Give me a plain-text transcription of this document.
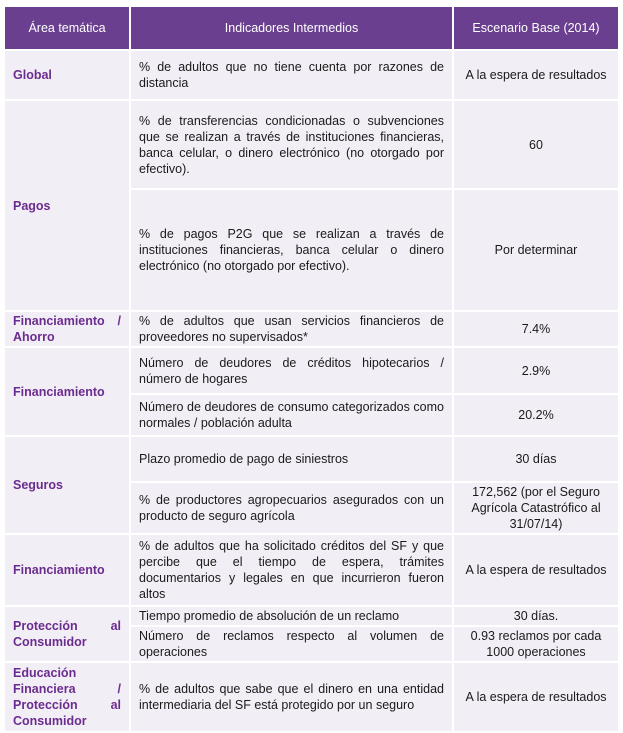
Área temática	Indicadores Intermedios	Escenario Base (2014)
Global	% de adultos que no tiene cuenta por razones de distancia	A la espera de resultados
Pagos	% de transferencias condicionadas o subvenciones que se realizan a través de instituciones financieras, banca celular, o dinero electrónico (no otorgado por efectivo).	60
	% de pagos P2G que se realizan a través de instituciones financieras, banca celular o dinero electrónico (no otorgado por efectivo).	Por determinar
Financiamiento / Ahorro	% de adultos que usan servicios financieros de proveedores no supervisados*	7.4%
Financiamiento	Número de deudores de créditos hipotecarios / número de hogares	2.9%
	Número de deudores de consumo categorizados como normales / población adulta	20.2%
Seguros	Plazo promedio de pago de siniestros	30 días
	% de productores agropecuarios asegurados con un producto de seguro agrícola	172,562 (por el Seguro Agrícola Catastrófico al 31/07/14)
Financiamiento	% de adultos que ha solicitado créditos del SF y que percibe que el tiempo de espera, trámites documentarios y legales en que incurrieron fueron altos	A la espera de resultados
Protección al Consumidor	Tiempo promedio de absolución de un reclamo	30 días.
	Número de reclamos respecto al volumen de operaciones	0.93 reclamos por cada 1000 operaciones
Educación Financiera / Protección al Consumidor	% de adultos que sabe que el dinero en una entidad intermediaria del SF está protegido por un seguro	A la espera de resultados
